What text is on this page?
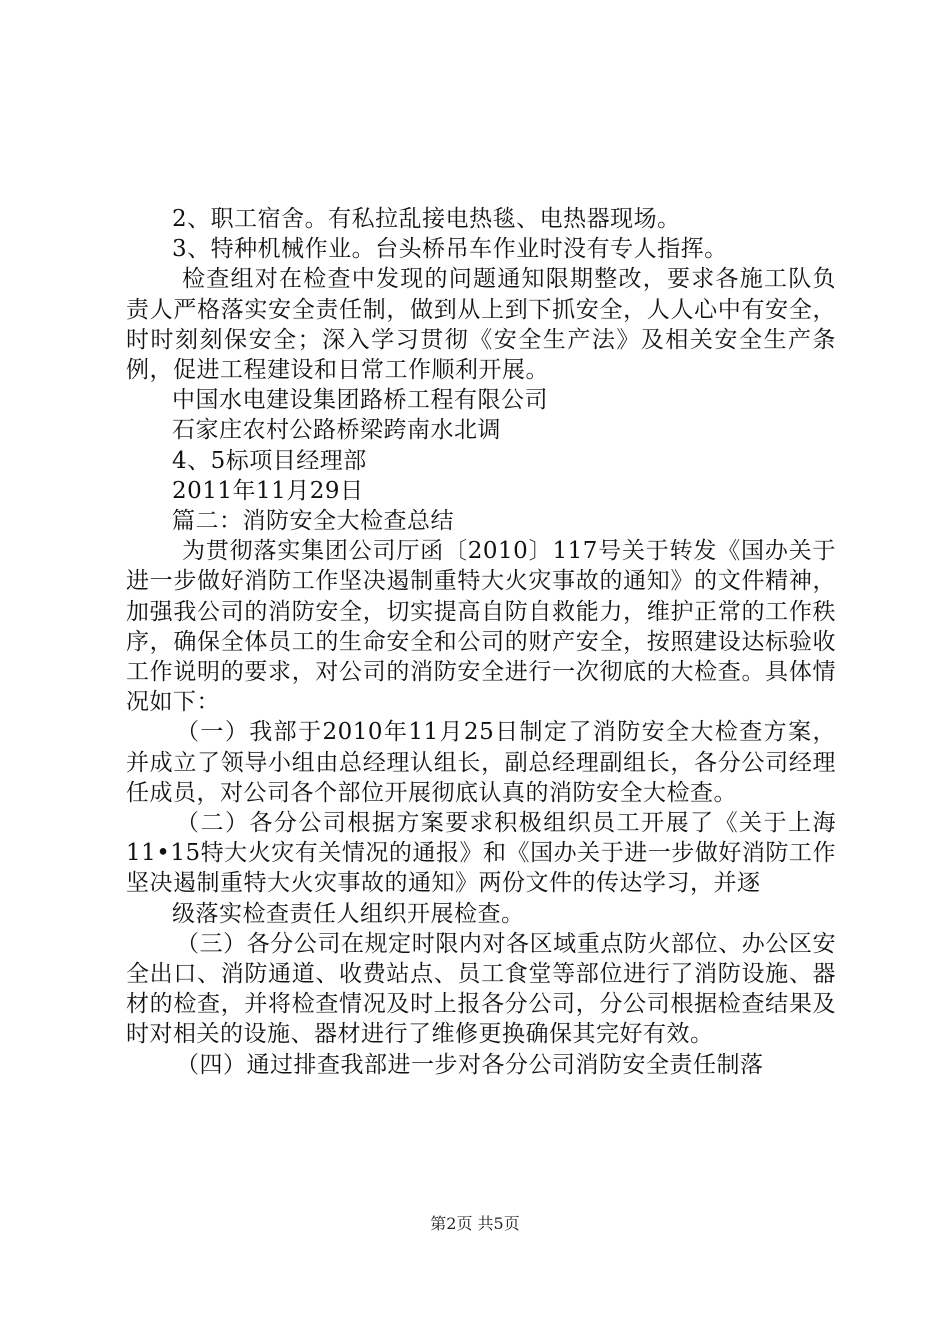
2、职工宿舍。有私拉乱接电热毯、电热器现场。

3、特种机械作业。台头桥吊车作业时没有专人指挥。

检查组对在检查中发现的问题通知限期整改，要求各施工队负责人严格落实安全责任制，做到从上到下抓安全，人人心中有安全，时时刻刻保安全；深入学习贯彻《安全生产法》及相关安全生产条例，促进工程建设和日常工作顺利开展。

中国水电建设集团路桥工程有限公司

石家庄农村公路桥梁跨南水北调

4、5标项目经理部

2011年11月29日

篇二：消防安全大检查总结

为贯彻落实集团公司厅函〔2010〕117号关于转发《国办关于进一步做好消防工作坚决遏制重特大火灾事故的通知》的文件精神，加强我公司的消防安全，切实提高自防自救能力，维护正常的工作秩序，确保全体员工的生命安全和公司的财产安全，按照建设达标验收工作说明的要求，对公司的消防安全进行一次彻底的大检查。具体情况如下：

（一）我部于2010年11月25日制定了消防安全大检查方案，并成立了领导小组由总经理认组长，副总经理副组长，各分公司经理任成员，对公司各个部位开展彻底认真的消防安全大检查。

（二）各分公司根据方案要求积极组织员工开展了《关于上海11•15特大火灾有关情况的通报》和《国办关于进一步做好消防工作坚决遏制重特大火灾事故的通知》两份文件的传达学习，并逐

级落实检查责任人组织开展检查。

（三）各分公司在规定时限内对各区域重点防火部位、办公区安全出口、消防通道、收费站点、员工食堂等部位进行了消防设施、器材的检查，并将检查情况及时上报各分公司，分公司根据检查结果及时对相关的设施、器材进行了维修更换确保其完好有效。

（四）通过排查我部进一步对各分公司消防安全责任制落

第2页 共5页
